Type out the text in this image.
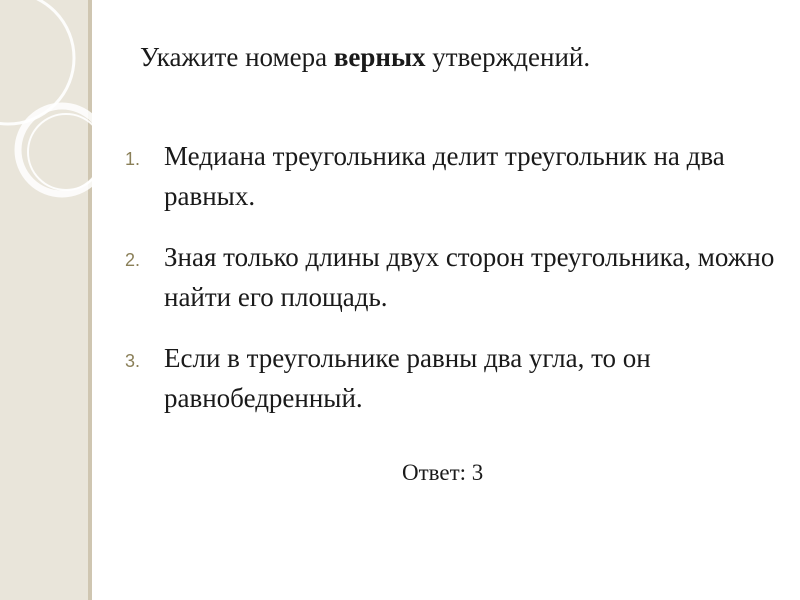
Укажите номера верных утверждений.
1. Медиана треугольника делит треугольник на два равных.
2. Зная только длины двух сторон треугольника, можно найти его площадь.
3. Если в треугольнике равны два угла, то он равнобедренный.
Ответ: 3
